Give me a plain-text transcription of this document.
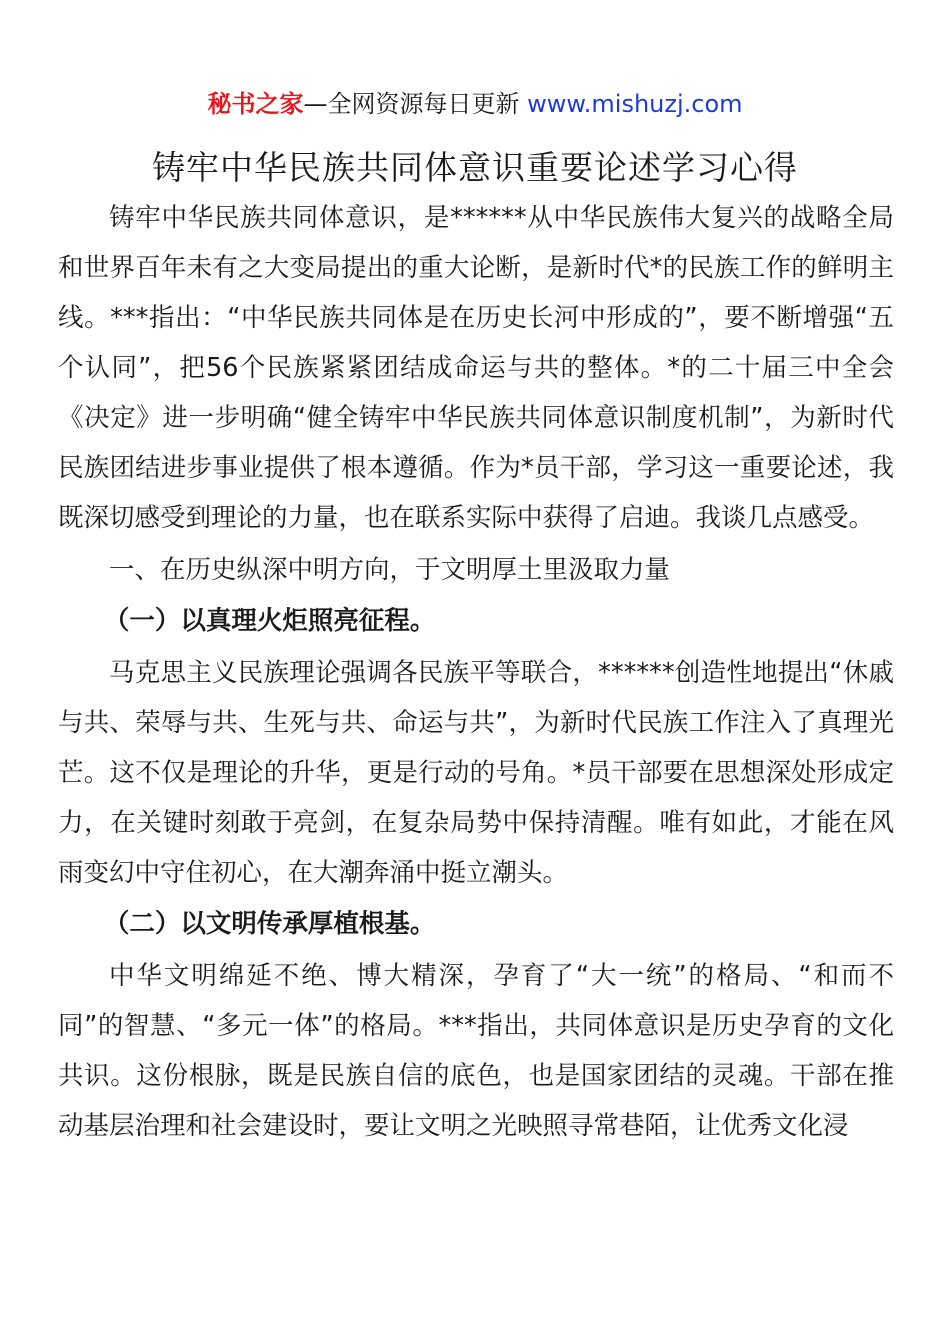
秘书之家—全网资源每日更新 www.mishuzj.com
铸牢中华民族共同体意识重要论述学习心得

铸牢中华民族共同体意识，是******从中华民族伟大复兴的战略全局和世界百年未有之大变局提出的重大论断，是新时代*的民族工作的鲜明主线。***指出：“中华民族共同体是在历史长河中形成的”，要不断增强“五个认同”，把56个民族紧紧团结成命运与共的整体。*的二十届三中全会《决定》进一步明确“健全铸牢中华民族共同体意识制度机制”，为新时代民族团结进步事业提供了根本遵循。作为*员干部，学习这一重要论述，我既深切感受到理论的力量，也在联系实际中获得了启迪。我谈几点感受。

一、在历史纵深中明方向，于文明厚土里汲取力量

（一）以真理火炬照亮征程。

马克思主义民族理论强调各民族平等联合，******创造性地提出“休戚与共、荣辱与共、生死与共、命运与共”，为新时代民族工作注入了真理光芒。这不仅是理论的升华，更是行动的号角。*员干部要在思想深处形成定力，在关键时刻敢于亮剑，在复杂局势中保持清醒。唯有如此，才能在风雨变幻中守住初心，在大潮奔涌中挺立潮头。

（二）以文明传承厚植根基。

中华文明绵延不绝、博大精深，孕育了“大一统”的格局、“和而不同”的智慧、“多元一体”的格局。***指出，共同体意识是历史孕育的文化共识。这份根脉，既是民族自信的底色，也是国家团结的灵魂。干部在推动基层治理和社会建设时，要让文明之光映照寻常巷陌，让优秀文化浸
